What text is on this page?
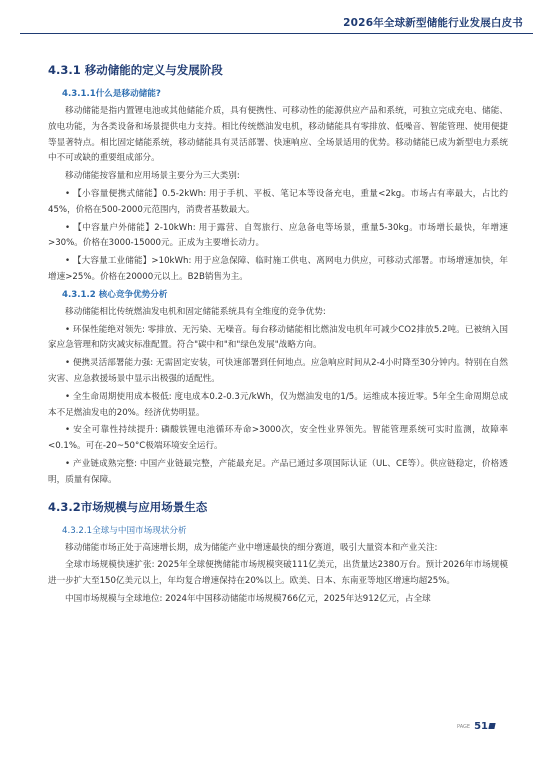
2026年全球新型储能行业发展白皮书
4.3.1 移动储能的定义与发展阶段
4.3.1.1什么是移动储能?

移动储能是指内置锂电池或其他储能介质，具有便携性、可移动性的能源供应产品和系统，可独立完成充电、储能、放电功能，为各类设备和场景提供电力支持。相比传统燃油发电机，移动储能具有零排放、低噪音、智能管理、使用便捷等显著特点。相比固定储能系统，移动储能具有灵活部署、快速响应、全场景适用的优势。移动储能已成为新型电力系统中不可或缺的重要组成部分。

移动储能按容量和应用场景主要分为三大类别:

• 【小容量便携式储能】0.5-2kWh: 用于手机、平板、笔记本等设备充电，重量<2kg。市场占有率最大，占比约45%，价格在500-2000元范围内，消费者基数最大。

• 【中容量户外储能】2-10kWh: 用于露营、自驾旅行、应急备电等场景，重量5-30kg。市场增长最快，年增速>30%。价格在3000-15000元。正成为主要增长动力。

• 【大容量工业储能】>10kWh: 用于应急保障、临时施工供电、离网电力供应，可移动式部署。市场增速加快，年增速>25%。价格在20000元以上。B2B销售为主。

4.3.1.2 核心竞争优势分析

移动储能相比传统燃油发电机和固定储能系统具有全维度的竞争优势:

• 环保性能绝对领先: 零排放、无污染、无噪音。每台移动储能相比燃油发电机年可减少CO2排放5.2吨。已被纳入国家应急管理和防灾减灾标准配置。符合"碳中和"和"绿色发展"战略方向。

• 便携灵活部署能力强: 无需固定安装，可快速部署到任何地点。应急响应时间从2-4小时降至30分钟内。特别在自然灾害、应急救援场景中显示出极强的适配性。

• 全生命周期使用成本极低: 度电成本0.2-0.3元/kWh，仅为燃油发电的1/5。运维成本接近零。5年全生命周期总成本不足燃油发电的20%。经济优势明显。

• 安全可靠性持续提升: 磷酸铁锂电池循环寿命>3000次，安全性业界领先。智能管理系统可实时监测，故障率<0.1%。可在-20~50°C极端环境安全运行。

• 产业链成熟完整: 中国产业链最完整，产能最充足。产品已通过多项国际认证（UL、CE等）。供应链稳定，价格透明，质量有保障。

4.3.2市场规模与应用场景生态
4.3.2.1全球与中国市场现状分析

移动储能市场正处于高速增长期，成为储能产业中增速最快的细分赛道，吸引大量资本和产业关注:

全球市场规模快速扩张: 2025年全球便携储能市场规模突破111亿美元，出货量达2380万台。预计2026年市场规模进一步扩大至150亿美元以上，年均复合增速保持在20%以上。欧美、日本、东南亚等地区增速均超25%。

中国市场规模与全球地位: 2024年中国移动储能市场规模766亿元，2025年达912亿元，占全球

PAGE 51
